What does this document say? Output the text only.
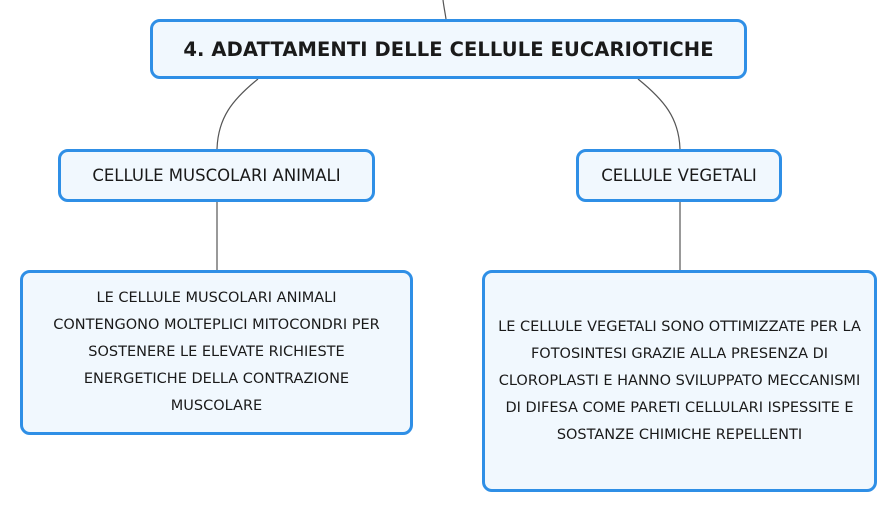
4. ADATTAMENTI DELLE CELLULE EUCARIOTICHE
CELLULE MUSCOLARI ANIMALI	CELLULE VEGETALI
LE CELLULE MUSCOLARI ANIMALI CONTENGONO MOLTEPLICI MITOCONDRI PER SOSTENERE LE ELEVATE RICHIESTE ENERGETICHE DELLA CONTRAZIONE MUSCOLARE
LE CELLULE VEGETALI SONO OTTIMIZZATE PER LA FOTOSINTESI GRAZIE ALLA PRESENZA DI CLOROPLASTI E HANNO SVILUPPATO MECCANISMI DI DIFESA COME PARETI CELLULARI ISPESSITE E SOSTANZE CHIMICHE REPELLENTI
